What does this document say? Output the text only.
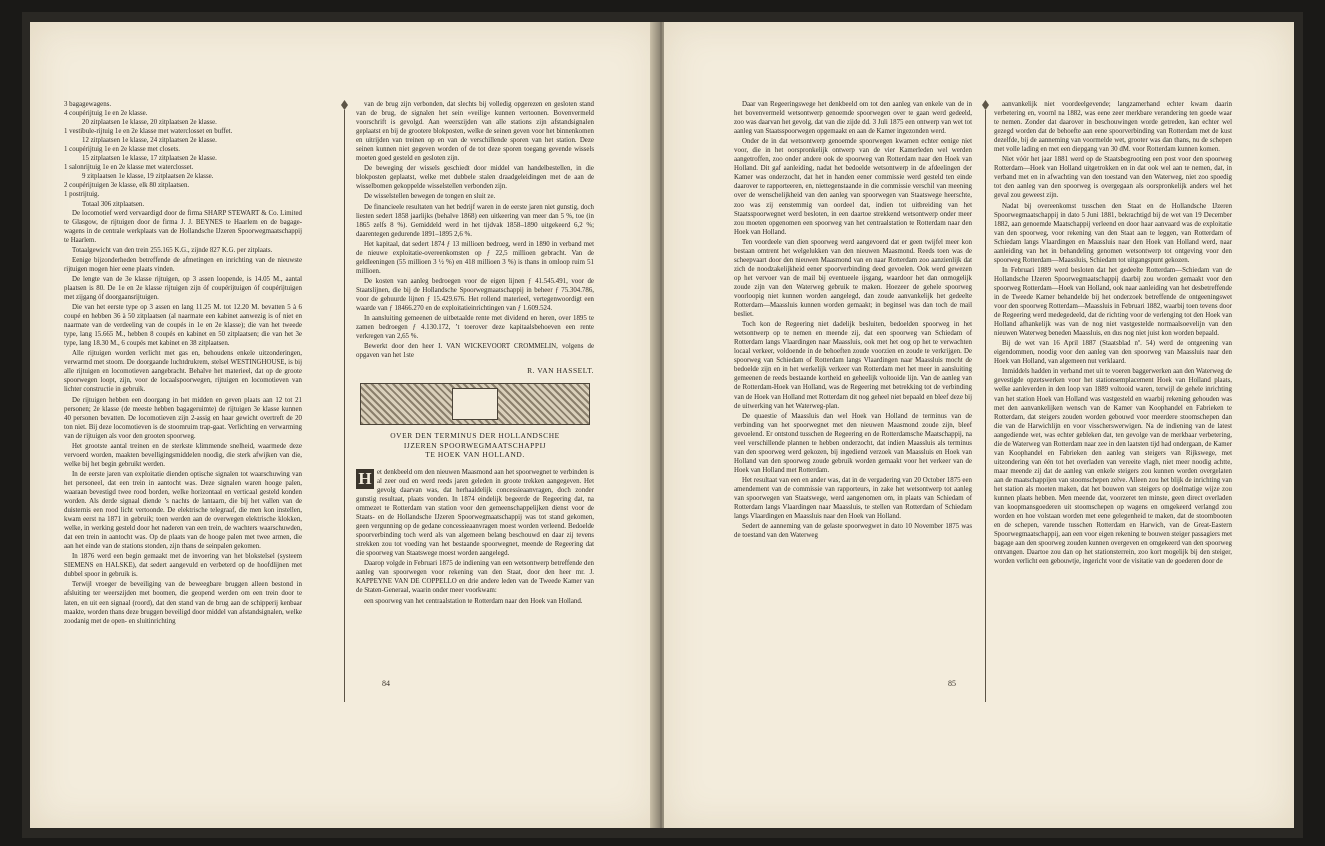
3 bagagewagens.

4 coupérijtuig 1e en 2e klasse.

20 zitplaatsen 1e klasse, 20 zitplaatsen 2e klasse.

1 vestibule-rijtuig 1e en 2e klasse met waterclosset en buffet.

12 zitplaatsen 1e klasse, 24 zitplaatsen 2e klasse.

1 coupérijtuig 1e en 2e klasse met closets.

15 zitplaatsen 1e klasse, 17 zitplaatsen 2e klasse.

1 salonrijtuig 1e en 2e klasse met waterclosset.

9 zitplaatsen 1e klasse, 19 zitplaatsen 2e klasse.

2 coupérijtuigen 3e klasse, elk 80 zitplaatsen.

1 postrijtuig.

Totaal 306 zitplaatsen.

De locomotief werd vervaardigd door de firma SHARP STEWART & Co. Limited te Glasgow, de rijtuigen door de firma J. J. BEYNES te Haarlem en de bagage-wagens in de centrale werkplaats van de Hollandsche IJzeren Spoorwegmaatschappij te Haarlem.

Totaalgewicht van den trein 255.165 K.G., zijnde 827 K.G. per zitplaats.

Eenige bijzonderheden betreffende de afmetingen en inrichting van de nieuwste rijtuigen mogen hier eene plaats vinden.

De lengte van de 3e klasse rijtuigen, op 3 assen loopende, is 14.05 M., aantal plaatsen is 80. De 1e en 2e klasse rijtuigen zijn óf coupérijtuigen óf coupérijtuigen met zijgang óf doorgaansrijtuigen.

Die van het eerste type op 3 assen en lang 11.25 M. tot 12.20 M. bevatten 5 à 6 coupé en hebben 36 à 50 zitplaatsen (al naarmate een kabinet aanwezig is of niet en naarmate van de verdeeling van de coupés in 1e en 2e klasse); die van het tweede type, lang 15.665 M., hebben 8 coupés en kabinet en 50 zitplaatsen; die van het 3e type, lang 18.30 M., 6 coupés met kabinet en 38 zitplaatsen.

Alle rijtuigen worden verlicht met gas en, behoudens enkele uitzonderingen, verwarmd met stoom. De doorgaande luchtdrukrem, stelsel WESTINGHOUSE, is bij alle rijtuigen en locomotieven aangebracht. Behalve het materieel, dat op de groote spoorwegen loopt, zijn, voor de locaalspoorwegen, rijtuigen en locomotieven van lichter constructie in gebruik.

De rijtuigen hebben een doorgang in het midden en geven plaats aan 12 tot 21 personen; 2e klasse (de meeste hebben bagageruimte) de rijtuigen 3e klasse kunnen 40 personen bevatten. De locomotieven zijn 2-assig en haar gewicht overtreft de 20 ton niet. Bij deze locomotieven is de stoomruim trap-gaat. Verlichting en verwarming van de rijtuigen als voor den grooten spoorweg.

Het grootste aantal treinen en de sterkste klimmende snelheid, waarmede deze vervoerd worden, maakten bevelligingsmiddelen noodig, die sterk afwijken van die, welke bij het begin gebruikt werden.

In de eerste jaren van exploitatie dienden optische signalen tot waarschuwing van het personeel, dat een trein in aantocht was. Deze signalen waren hooge palen, waaraan bevestigd twee rood borden, welke horizontaal en verticaal gesteld konden worden. Als derde signaal diende ’s nachts de lantaarn, die bij het vallen van de duisternis een rood licht vertoonde. De elektrische telegraaf, die men kon instellen, kwam eerst na 1871 in gebruik; toen werden aan de overwegen elektrische klokken, welke, in werking gesteld door het naderen van een trein, de wachters waarschuwden, dat een trein in aantocht was. Op de plaats van de hooge palen met twee armen, die aan het einde van de stations stonden, zijn thans de seinpalen gekomen.

In 1876 werd een begin gemaakt met de invoering van het blokstelsel (systeem SIEMENS en HALSKE), dat sedert aangevuld en verbeterd op de hoofdlijnen met dubbel spoor in gebruik is.

Terwijl vroeger de beveiliging van de beweegbare bruggen alleen bestond in afsluiting ter weerszijden met boomen, die geopend werden om een trein door te laten, en uit een signaal (roord), dat den stand van de brug aan de schipperij kenbaar maakte, worden thans deze bruggen beveiligd door middel van afstandsignalen, welke zoodanig met de open- en sluitinrichting

van de brug zijn verbonden, dat slechts bij volledig opgerezen en gesloten stand van de brug, de signalen het sein »veilig« kunnen vertoonen. Bovenvermeld voorschrift is gevolgd. Aan weerszijden van alle stations zijn afstandsignalen geplaatst en bij de grootere blokposten, welke de seinen geven voor het binnenkomen en uitrijden van treinen op en van de verschillende sporen van het station. Deze seinen kunnen niet gegeven worden of de tot deze sporen toegang gevende wissels moeten goed gesteld en gesloten zijn.

De beweging der wissels geschiedt door middel van handelbestellen, in die blokposten geplaatst, welke met dubbele stalen draadgeleidingen met de aan de wisselbomen gekoppelde wisselstellen verbonden zijn.

De wisselstellen bewegen de tongen en sluit ze.

De financieele resultaten van het bedrijf waren in de eerste jaren niet gunstig, doch liesten sedert 1858 jaarlijks (behalve 1868) een uitkeering van meer dan 5 %, toe (in 1865 zelfs 8 %). Gemiddeld werd in het tijdvak 1858–1890 uitgekeerd 6,2 %; daarentegen gedurende 1891–1895 2,6 %.

Het kapitaal, dat sedert 1874 ƒ 13 millioen bedroeg, werd in 1890 in verband met de nieuwe exploitatie-overeenkomsten op ƒ 22,5 millioen gebracht. Van de geldleeningen (55 millioen 3 ½ %) en 418 millioen 3 %) is thans in omloop ruim 51 millioen.

De kosten van aanleg bedroegen voor de eigen lijnen ƒ 41.545.491, voor de Staatslijnen, die bij de Hollandsche Spoorwegmaatschappij in beheer ƒ 75.304.786, voor de gehuurde lijnen ƒ 15.429.676. Het rollend materieel, vertegenwoordigt een waarde van ƒ 18466.270 en de exploitatieinrichtingen van ƒ 1.609.524.

In aansluiting gemeenen de uitbetaalde rente met dividend en heren, over 1895 te zamen bedroegen ƒ 4.130.172, ’t toerover deze kapitaalsbehoeven een rente verkregen van 2,65 %.

Bewerkt door den heer I. VAN WICKEVOORT CROMMELIN, volgens de opgaven van het 1ste

R. VAN HASSELT.

OVER DEN TERMINUS DER HOLLANDSCHE
IJZEREN SPOORWEGMAATSCHAPPIJ
TE HOEK VAN HOLLAND.

H et denkbeeld om den nieuwen Maasmond aan het spoorwegnet te verbinden is al zeer oud en werd reeds jaren geleden in groote trekken aangegeven. Het gevolg daarvan was, dat herhaaldelijk concessieaanvragen, doch zonder gunstig resultaat, plaats vonden. In 1874 eindelijk begeerde de Regeering dat, na ommezet te Rotterdam van station voor den gemeenschappelijken dienst voor de Staats- en de Hollandsche IJzeren Spoorwegmaatschappij was tot stand gekomen, geen vergunning op de gedane concessieaanvragen moest worden verleend. Bedoelde spoorverbinding toch werd als van algemeen belang beschouwd en daar zij tevens strekken zou tot voeding van het bestaande spoorwegnet, meende de Regeering dat die spoorweg van Staatswege moest worden aangelegd.

Daarop volgde in Februari 1875 de indiening van een wetsontwerp betreffende den aanleg van spoorwegen voor rekening van den Staat, door den heer mr. J. KAPPEYNE VAN DE COPPELLO en drie andere leden van de Tweede Kamer van de Staten-Generaal, waarin onder meer voorkwam:

een spoorweg van het centraalstation te Rotterdam naar den Hoek van Holland.

84

Daar van Regeeringswege het denkbeeld om tot den aanleg van enkele van de in het bovenvermeld wetsontwerp genoemde spoorwegen over te gaan werd gedeeld, zoo was daarvan het gevolg, dat van die zijde dd. 3 Juli 1875 een ontwerp van wet tot aanleg van Staatsspoorwegen opgemaakt en aan de Kamer ingezonden werd.

Onder de in dat wetsontwerp genoemde spoorwegen kwamen echter eenige niet voor, die in het oorspronkelijk ontwerp van de vier Kamerleden wel werden aangetroffen, zoo onder andere ook de spoorweg van Rotterdam naar den Hoek van Holland. Dit gaf aanleiding, nadat het bedoelde wetsontwerp in de afdeelingen der Kamer was onderzocht, dat het in handen eener commissie werd gesteld ten einde daarover te rapporteeren, en, niettegenstaande in die commissie verschil van meening over de wenschelijkheid van den aanleg van spoorwegen van Staatswege heerschte, zoo was zij eenstemmig van oordeel dat, indien tot uitbreiding van het Staatsspoorwegnet werd besloten, in een daartoe strekkend wetsontwerp onder meer zou moeten opgenomen een spoorweg van het centraalstation te Rotterdam naar den Hoek van Holland.

Ten voordeele van dien spoorweg werd aangevoerd dat er geen twijfel meer kon bestaan omtrent het welgelukken van den nieuwen Maasmond. Reeds toen was de scheepvaart door den nieuwen Maasmond van en naar Rotterdam zoo aanzienlijk dat zich de noodzakelijkheid eener spoorverbinding deed gevoelen. Ook werd gewezen op het vervoer van de mail bij eventueele ijsgang, waardoor het dan onmogelijk zoude zijn van den Waterweg gebruik te maken. Hoezeer de gehele spoorweg voorloopig niet kunnen worden aangelegd, dan zoude aanvankelijk het gedeelte Rotterdam—Maassluis kunnen worden gemaakt; in beginsel was dan toch de mail besliet.

Toch kon de Regeering niet dadelijk besluiten, bedoelden spoorweg in het wetsontwerp op te nemen en meende zij, dat een spoorweg van Schiedam of Rotterdam langs Vlaardingen naar Maassluis, ook met het oog op het te verwachten locaal verkeer, voldoende in de behoeften zoude voorzien en zoude te verkrijgen. De spoorweg van Schiedam of Rotterdam langs Vlaardingen naar Maassluis mocht de bedoelde zijn en in het werkelijk verkeer van Rotterdam met het meer in aansluiting gemeenen de reeds bestaande kortheid en geheelijk voltooide lijn. Van de aanleg van de Rotterdam-Hoek van Holland, was de Regeering met betrekking tot de verbinding van de Hoek van Holland met Rotterdam dit nog geheel niet bepaald en bleef deze bij de uitwerking van het Waterweg-plan.

De quaestie of Maassluis dan wel Hoek van Holland de terminus van de verbinding van het spoorwegnet met den nieuwen Maasmond zoude zijn, bleef gevoelend. Er ontstond tusschen de Regeering en de Rotterdamsche Maatschappij, na veel verschillende plannen te hebben onderzocht, dat indien Maassluis als terminus van den spoorweg werd gekozen, bij ingediend verzoek van Maassluis en Hoek van Holland van den spoorweg zoude gebruik worden gemaakt voor het verkeer van de Hoek van Holland met Rotterdam.

Het resultaat van een en ander was, dat in de vergadering van 20 October 1875 een amendement van de commissie van rapporteurs, in zake het wetsontwerp tot aanleg van spoorwegen van Staatswege, werd aangenomen om, in plaats van Schiedam of Rotterdam langs Vlaardingen naar Maassluis, te stellen van Rotterdam of Schiedam langs Vlaardingen en Maassluis naar den Hoek van Holland.

Sedert de aanneming van de gelaste spoorwegwet in dato 10 November 1875 was de toestand van den Waterweg

aanvankelijk niet voordeelgevende; langzamerhand echter kwam daarin verbetering en, voornl na 1882, was eene zeer merkbare verandering ten goede waar te nemen. Zonder dat daarover in beschouwingen worde getreden, kan echter wel gezegd worden dat de behoefte aan eene spoorverbinding van Rotterdam met de kust dezelfde, bij de aanneming van voormelde wet, grooter was dan thans, nu de schepen met volle lading en met een diepgang van 30 dM. voor Rotterdam kunnen komen.

Niet vóór het jaar 1881 werd op de Staatsbegrooting een post voor den spoorweg Rotterdam—Hoek van Holland uitgetrokken en in dat ook wel aan te nemen, dat, in verband met en in afwachting van den toestand van den Waterweg, niet zoo spoedig tot den aanleg van den spoorweg is overgegaan als oorspronkelijk anders wel het geval zou geweest zijn.

Nadat bij overeenkomst tusschen den Staat en de Hollandsche IJzeren Spoorwegmaatschappij in dato 5 Juni 1881, bekrachtigd bij de wet van 19 December 1882, aan genoemde Maatschappij verleend en door haar aanvaard was de exploitatie van den spoorweg, voor rekening van den Staat aan te leggen, van Rotterdam of Schiedam langs Vlaardingen en Maassluis naar den Hoek van Holland werd, naar aanleiding van het in behandeling genomen wetsontwerp tot ontgeving voor den spoorweg Rotterdam—Maassluis, Schiedam tot uitgangspunt gekozen.

In Februari 1889 werd besloten dat het gedeelte Rotterdam—Schiedam van de Hollandsche IJzeren Spoorwegmaatschappij daarbij zou worden gemaakt voor den spoorweg Rotterdam—Hoek van Holland, ook naar aanleiding van het desbetreffende in de Tweede Kamer behandelde bij het onderzoek betreffende de ontgeeningswet voor den spoorweg Rotterdam—Maassluis in Februari 1882, waarbij toen tevens door de Regeering werd medegedeeld, dat de richting voor de verlenging tot den Hoek van Holland afhankelijk was van de nog niet vastgestelde normaalsoevelijn van den nieuwen Waterweg beneden Maassluis, en dus nog niet juist kon worden bepaald.

Bij de wet van 16 April 1887 (Staatsblad nº. 54) werd de ontgeening van eigendommen, noodig voor den aanleg van den spoorweg van Maassluis naar den Hoek van Holland, van algemeen nut verklaard.

Inmiddels hadden in verband met uit te voeren baggerwerken aan den Waterweg de gevestigde opzetswerken voor het stationsemplacement Hoek van Holland plaats, welke aanleverden in den loop van 1889 voltooid waren, terwijl de gehele inrichting van het station Hoek van Holland was vastgesteld en waarbij rekening gehouden was met den aanvankelijken wensch van de Kamer van Koophandel en Fabrieken te Rotterdam, dat steigers zouden worden gebouwd voor meerdere stoomschepen dan die van de Harwichlijn en voor visscherswerwigen. Na de indiening van de latest aangediende wet, was echter gebleken dat, ten gevolge van de merkbaar verbetering, die de Waterweg van Rotterdam naar zee in den laatsten tijd had ondergaan, de Kamer van Koophandel en Fabrieken den aanleg van steigers van Rijkswege, met uitzondering van één tot het overladen van vereeite vlagh, niet meer noodig achtte, maar meende zij dat de aanleg van enkele steigers zou kunnen worden overgelaten aan de maatschappijen van stoomschepen zelve. Alleen zou het blijk de inrichting van het station als moeten maken, dat het bouwen van steigers op doelmatige wijze zou kunnen plaats hebben. Men meende dat, voorzeret ten minste, geen direct overladen van koopmansgoederen uit stoomschepen op wagens en omgekeerd verlangd zou worden en hoe volstaan worden met eene gelegenheid te maken, dat de stoombooten en de schepen, varende tusschen Rotterdam en Harwich, van de Great-Eastern Spoorwegmaatschappij, aan een voor eigen rekening te bouwen steiger passagiers met bagage aan den spoorweg zouden kunnen overgeven en omgekeerd van den spoorweg ontvangen. Daartoe zou dan op het stationsterrein, zoo kort mogelijk bij den steiger, worden verlicht een gebouwtje, ingericht voor de visitatie van de goederen door de

85
